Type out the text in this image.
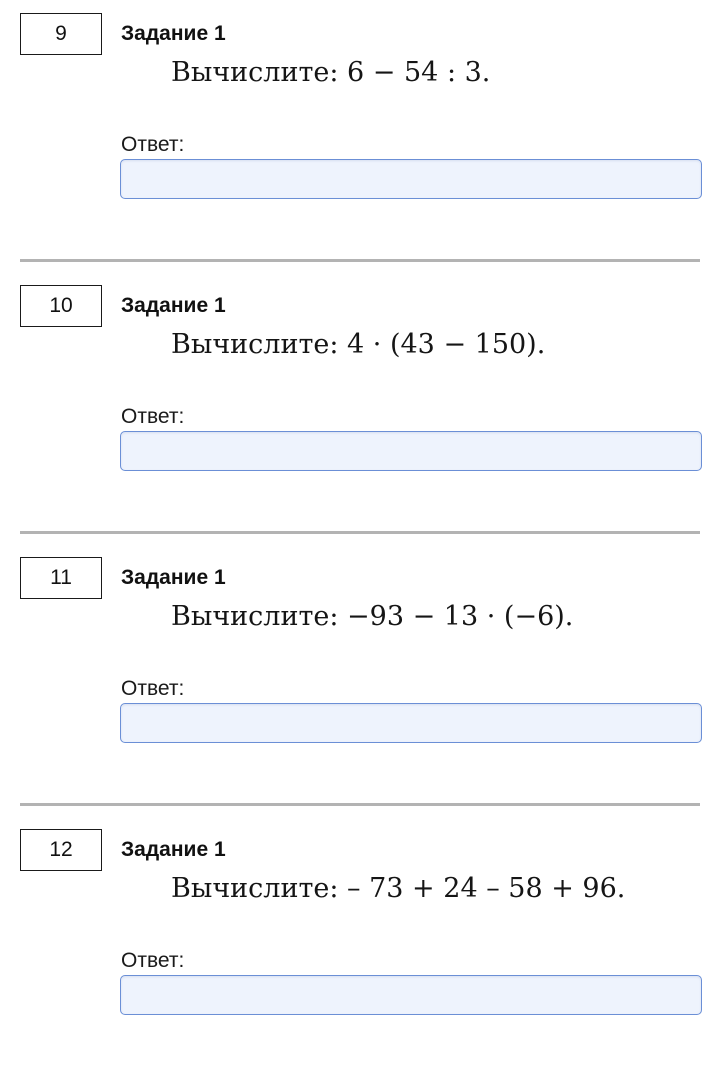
9	Задание 1
Вычислите: 6 − 54 : 3.
Ответ:
10	Задание 1
Вычислите: 4 · (43 − 150).
Ответ:
11	Задание 1
Вычислите: −93 − 13 · (−6).
Ответ:
12	Задание 1
Вычислите: – 73 + 24 – 58 + 96.
Ответ:
